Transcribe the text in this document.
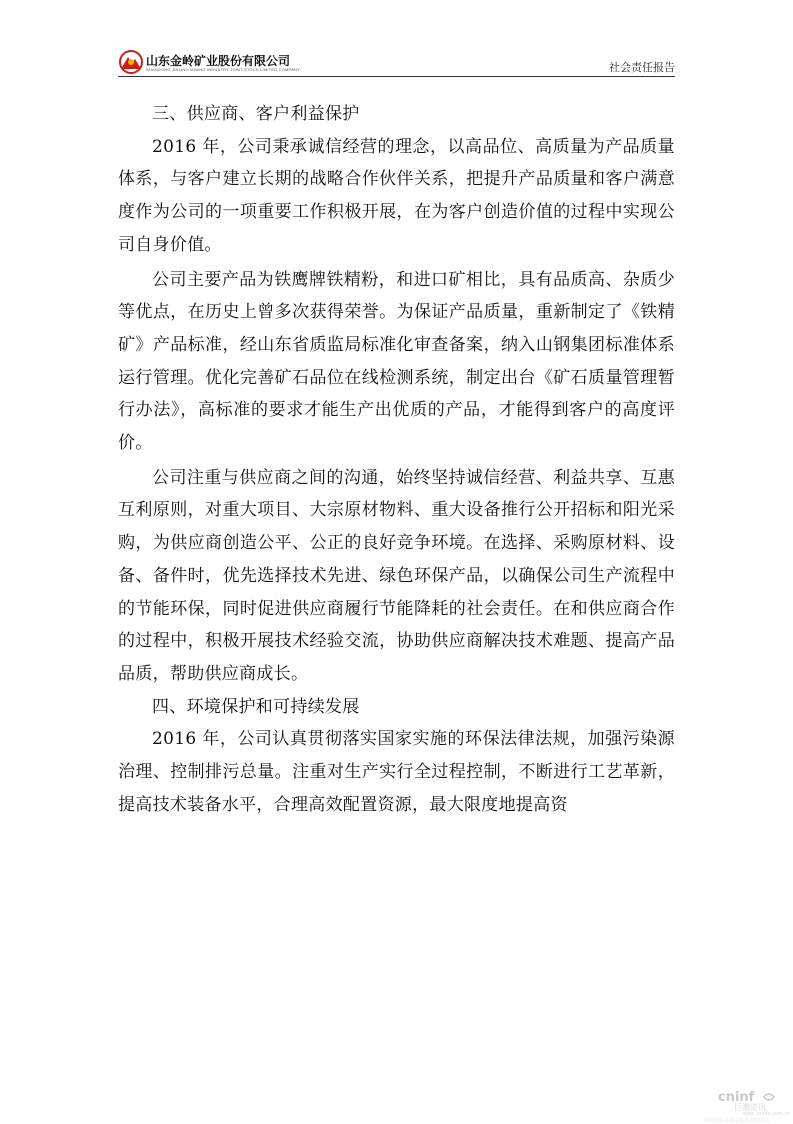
山东金岭矿业股份有限公司
SHANDONG JINLING MINING INDUSTRY JOINT-STOCK LIMITED COMPANY	社会责任报告

三、供应商、客户利益保护

2016 年，公司秉承诚信经营的理念，以高品位、高质量为产品质量体系，与客户建立长期的战略合作伙伴关系，把提升产品质量和客户满意度作为公司的一项重要工作积极开展，在为客户创造价值的过程中实现公司自身价值。

公司主要产品为铁鹰牌铁精粉，和进口矿相比，具有品质高、杂质少等优点，在历史上曾多次获得荣誉。为保证产品质量，重新制定了《铁精矿》产品标准，经山东省质监局标准化审查备案，纳入山钢集团标准体系运行管理。优化完善矿石品位在线检测系统，制定出台《矿石质量管理暂行办法》，高标准的要求才能生产出优质的产品，才能得到客户的高度评价。

公司注重与供应商之间的沟通，始终坚持诚信经营、利益共享、互惠互利原则，对重大项目、大宗原材物料、重大设备推行公开招标和阳光采购，为供应商创造公平、公正的良好竞争环境。在选择、采购原材料、设备、备件时，优先选择技术先进、绿色环保产品，以确保公司生产流程中的节能环保，同时促进供应商履行节能降耗的社会责任。在和供应商合作的过程中，积极开展技术经验交流，协助供应商解决技术难题、提高产品品质，帮助供应商成长。

四、环境保护和可持续发展

2016 年，公司认真贯彻落实国家实施的环保法律法规，加强污染源治理、控制排污总量。注重对生产实行全过程控制，不断进行工艺革新，提高技术装备水平，合理高效配置资源，最大限度地提高资

cninf
巨潮资讯
www.cninfo.com.cn
中国证监会指定信息披露网站
